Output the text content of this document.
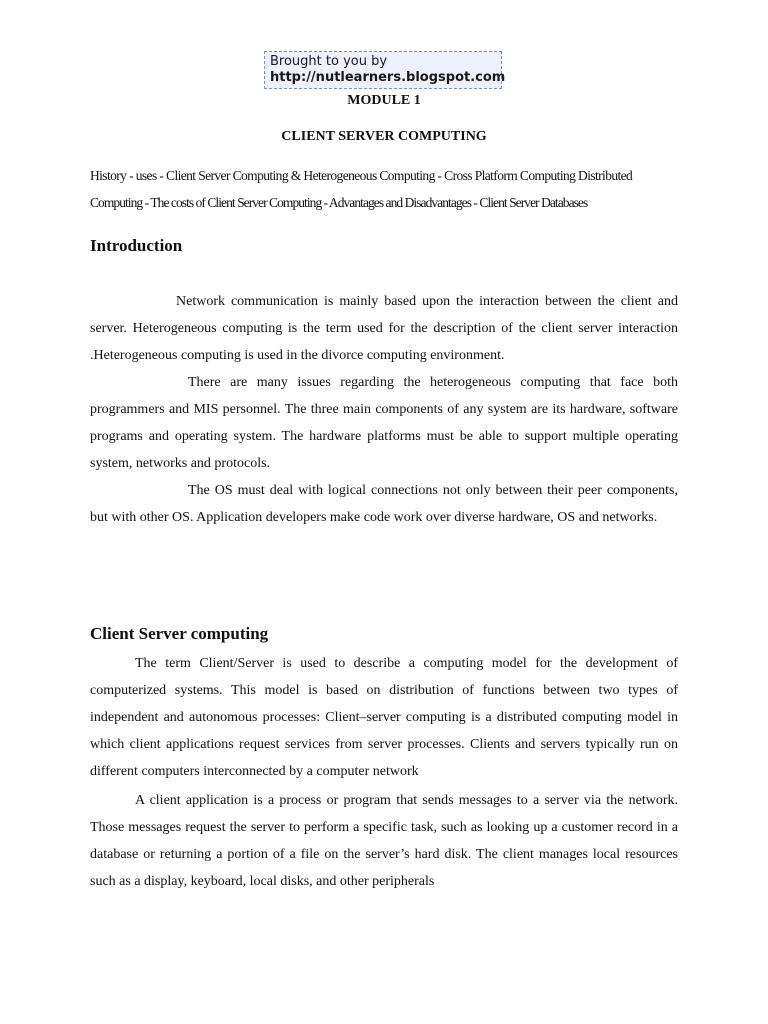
Brought to you by
http://nutlearners.blogspot.com
MODULE 1
CLIENT SERVER COMPUTING

History - uses - Client Server Computing & Heterogeneous Computing - Cross Platform Computing Distributed

Computing - The costs of Client Server Computing - Advantages and Disadvantages - Client Server Databases

Introduction

Network communication is mainly based upon the interaction between the client and server. Heterogeneous computing is the term used for the description of the client server interaction .Heterogeneous computing is used in the divorce computing environment.

There are many issues regarding the heterogeneous computing that face both programmers and MIS personnel. The three main components of any system are its hardware, software programs and operating system. The hardware platforms must be able to support multiple operating system, networks and protocols.

The OS must deal with logical connections not only between their peer components, but with other OS. Application developers make code work over diverse hardware, OS and networks.

Client Server computing

The term Client/Server is used to describe a computing model for the development of computerized systems. This model is based on distribution of functions between two types of independent and autonomous processes: Client–server computing is a distributed computing model in which client applications request services from server processes. Clients and servers typically run on different computers interconnected by a computer network

A client application is a process or program that sends messages to a server via the network. Those messages request the server to perform a specific task, such as looking up a customer record in a database or returning a portion of a file on the server’s hard disk. The client manages local resources such as a display, keyboard, local disks, and other peripherals
